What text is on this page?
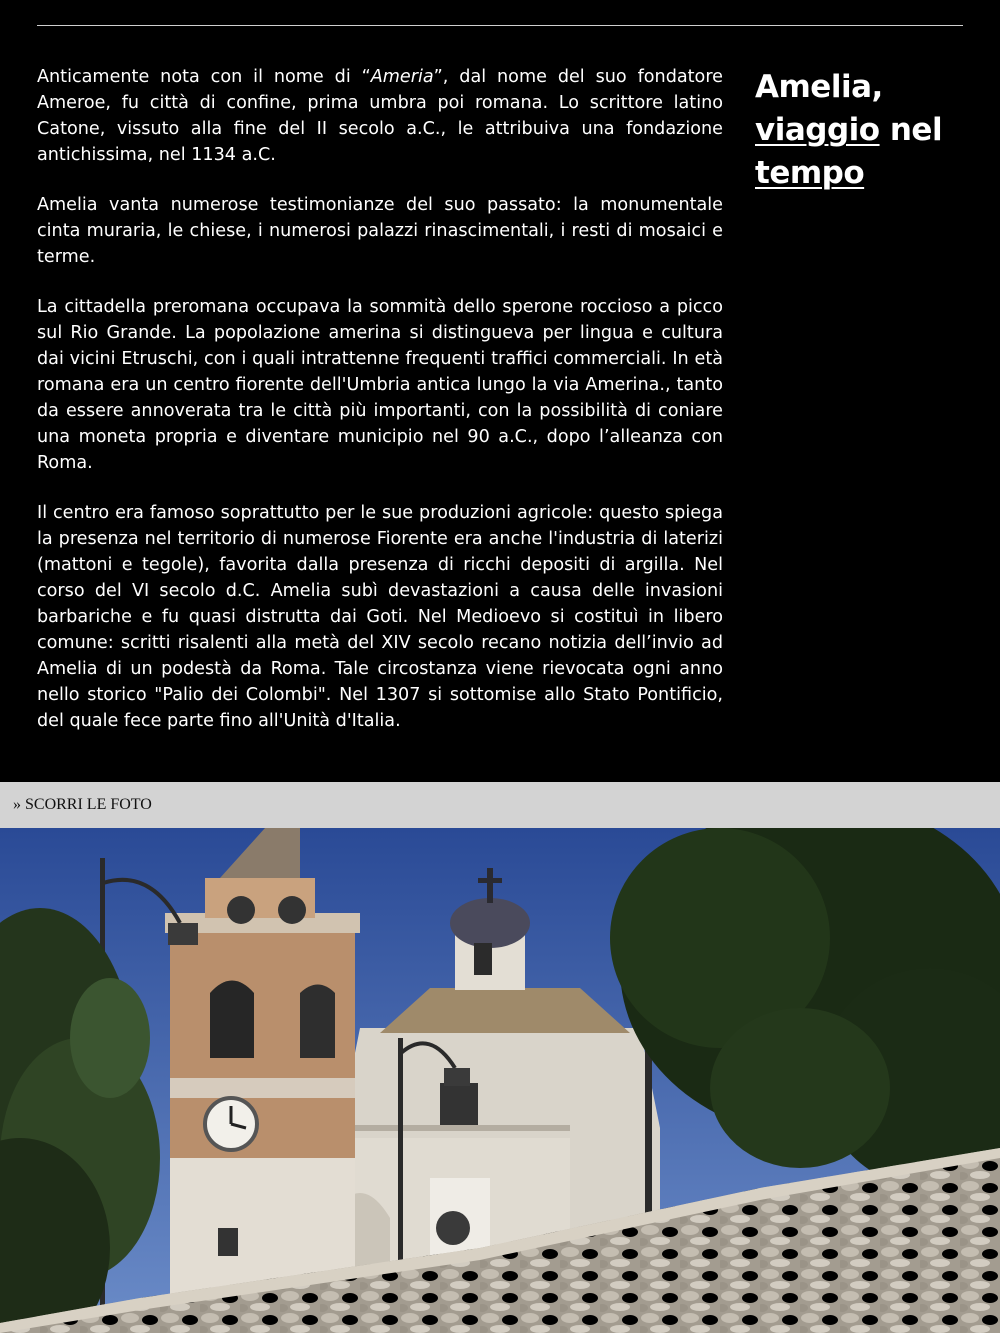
Anticamente nota con il nome di “Ameria”, dal nome del suo fondatore Ameroe, fu città di confine, prima umbra poi romana. Lo scrittore latino Catone, vissuto alla fine del II secolo a.C., le attribuiva una fondazione antichissima, nel 1134 a.C.

Amelia vanta numerose testimonianze del suo passato: la monumentale cinta muraria, le chiese, i numerosi palazzi rinascimentali, i resti di mosaici e terme.

La cittadella preromana occupava la sommità dello sperone roccioso a picco sul Rio Grande. La popolazione amerina si distingueva per lingua e cultura dai vicini Etruschi, con i quali intrattenne frequenti traffici commerciali. In età romana era un centro fiorente dell'Umbria antica lungo la via Amerina., tanto da essere annoverata tra le città più importanti, con la possibilità di coniare una moneta propria e diventare municipio nel 90 a.C., dopo l’alleanza con Roma.

Il centro era famoso soprattutto per le sue produzioni agricole: questo spiega la presenza nel territorio di numerose Fiorente era anche l'industria di laterizi (mattoni e tegole), favorita dalla presenza di ricchi depositi di argilla. Nel corso del VI secolo d.C. Amelia subì devastazioni a causa delle invasioni barbariche e fu quasi distrutta dai Goti. Nel Medioevo si costituì in libero comune: scritti risalenti alla metà del XIV secolo recano notizia dell’invio ad Amelia di un podestà da Roma. Tale circostanza viene rievocata ogni anno nello storico "Palio dei Colombi". Nel 1307 si sottomise allo Stato Pontificio, del quale fece parte fino all'Unità d'Italia.

Amelia,
viaggio nel
tempo
» SCORRI LE FOTO
